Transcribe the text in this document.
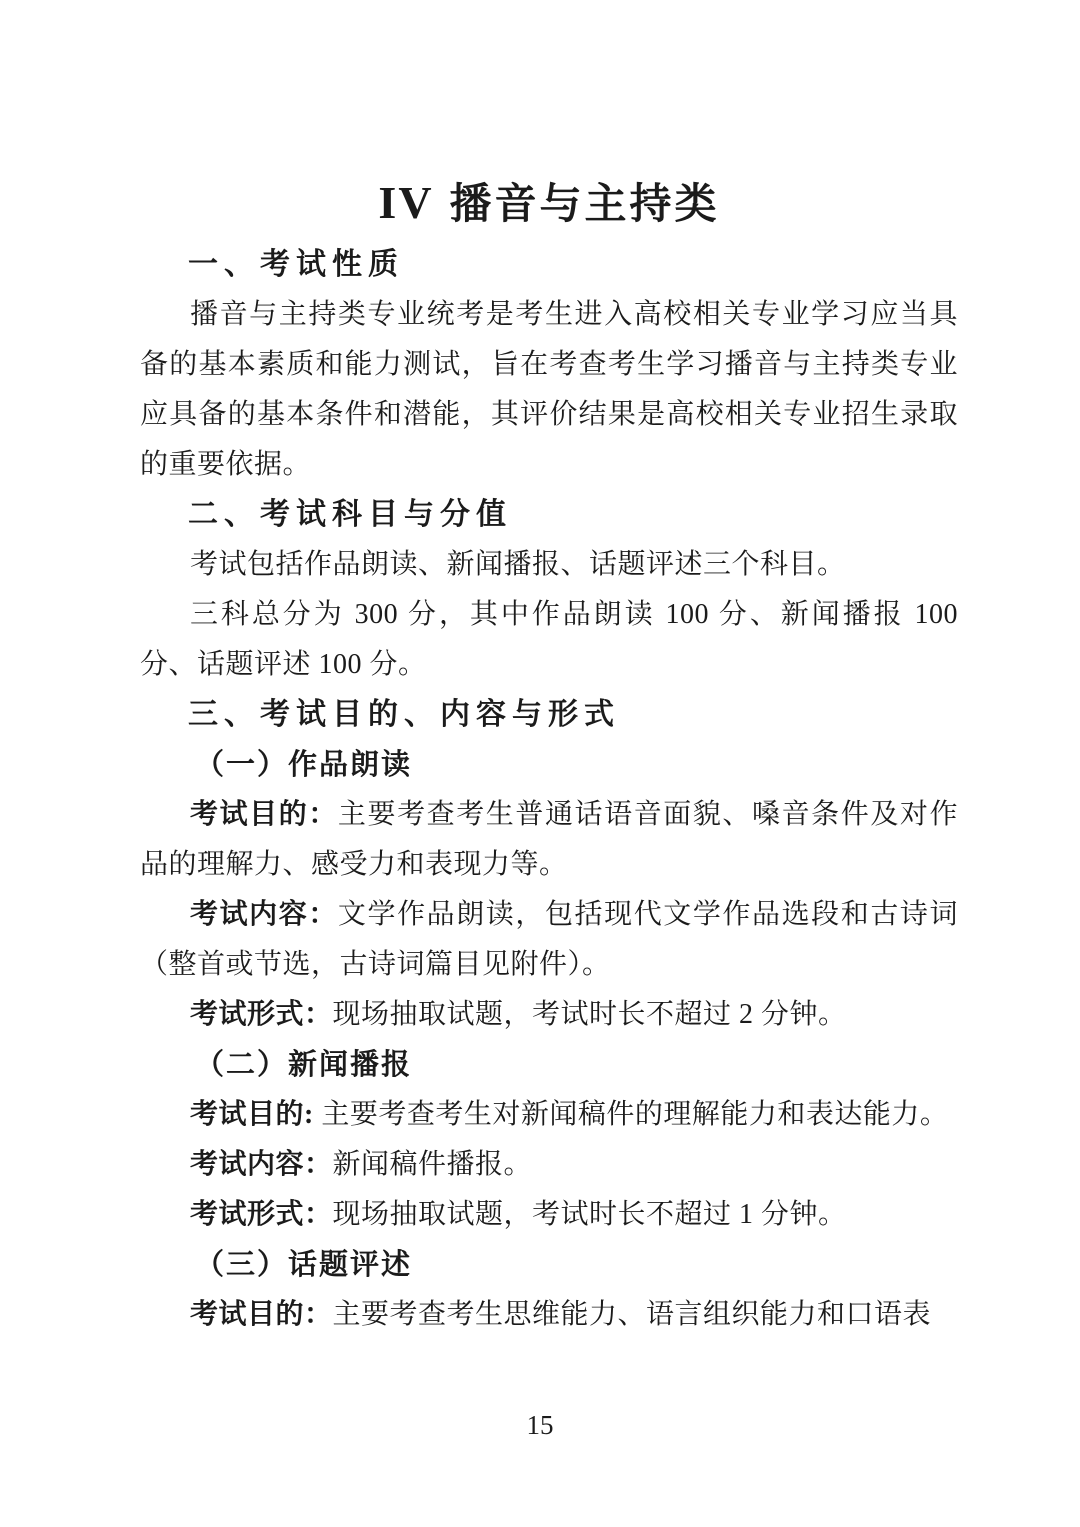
IV 播音与主持类

一、考试性质

播音与主持类专业统考是考生进入高校相关专业学习应当具备的基本素质和能力测试，旨在考查考生学习播音与主持类专业应具备的基本条件和潜能，其评价结果是高校相关专业招生录取的重要依据。

二、考试科目与分值

考试包括作品朗读、新闻播报、话题评述三个科目。

三科总分为 300 分，其中作品朗读 100 分、新闻播报 100 分、话题评述 100 分。

三、考试目的、内容与形式

（一）作品朗读

考试目的：主要考查考生普通话语音面貌、嗓音条件及对作品的理解力、感受力和表现力等。

考试内容：文学作品朗读，包括现代文学作品选段和古诗词（整首或节选，古诗词篇目见附件）。

考试形式：现场抽取试题，考试时长不超过 2 分钟。

（二）新闻播报

考试目的: 主要考查考生对新闻稿件的理解能力和表达能力。

考试内容：新闻稿件播报。

考试形式：现场抽取试题，考试时长不超过 1 分钟。

（三）话题评述

考试目的：主要考查考生思维能力、语言组织能力和口语表

15
